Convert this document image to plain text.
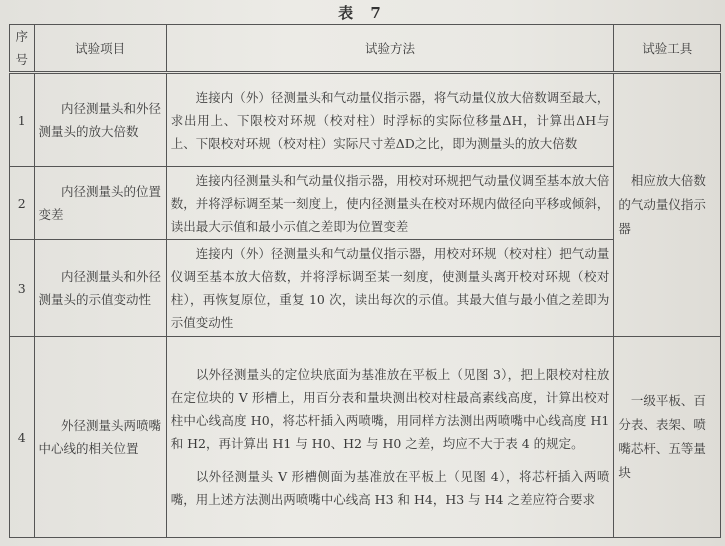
表 7
序号	试验项目	试验方法	试验工具
1	内径测量头和外径测量头的放大倍数	连接内（外）径测量头和气动量仪指示器，将气动量仪放大倍数调至最大，求出用上、下限校对环规（校对柱）时浮标的实际位移量ΔH，计算出ΔH与上、下限校对环规（校对柱）实际尺寸差ΔD之比，即为测量头的放大倍数	相应放大倍数的气动量仪指示器
2	内径测量头的位置变差	连接内径测量头和气动量仪指示器，用校对环规把气动量仪调至基本放大倍数，并将浮标调至某一刻度上，使内径测量头在校对环规内做径向平移或倾斜，读出最大示值和最小示值之差即为位置变差	

3	内径测量头和外径测量头的示值变动性	连接内（外）径测量头和气动量仪指示器，用校对环规（校对柱）把气动量仪调至基本放大倍数，并将浮标调至某一刻度，使测量头离开校对环规（校对柱），再恢复原位，重复 10 次，读出每次的示值。其最大值与最小值之差即为示值变动性	

4	外径测量头两喷嘴中心线的相关位置	以外径测量头的定位块底面为基准放在平板上（见图 3），把上限校对柱放在定位块的 V 形槽上，用百分表和量块测出校对柱最高素线高度，计算出校对柱中心线高度 H0，将芯杆插入两喷嘴，用同样方法测出两喷嘴中心线高度 H1 和 H2，再计算出 H1 与 H0、H2 与 H0 之差，均应不大于表 4 的规定。

以外径测量头 V 形槽侧面为基准放在平板上（见图 4），将芯杆插入两喷嘴，用上述方法测出两喷嘴中心线高 H3 和 H4，H3 与 H4 之差应符合要求	一级平板、百分表、表架、喷嘴芯杆、五等量块
